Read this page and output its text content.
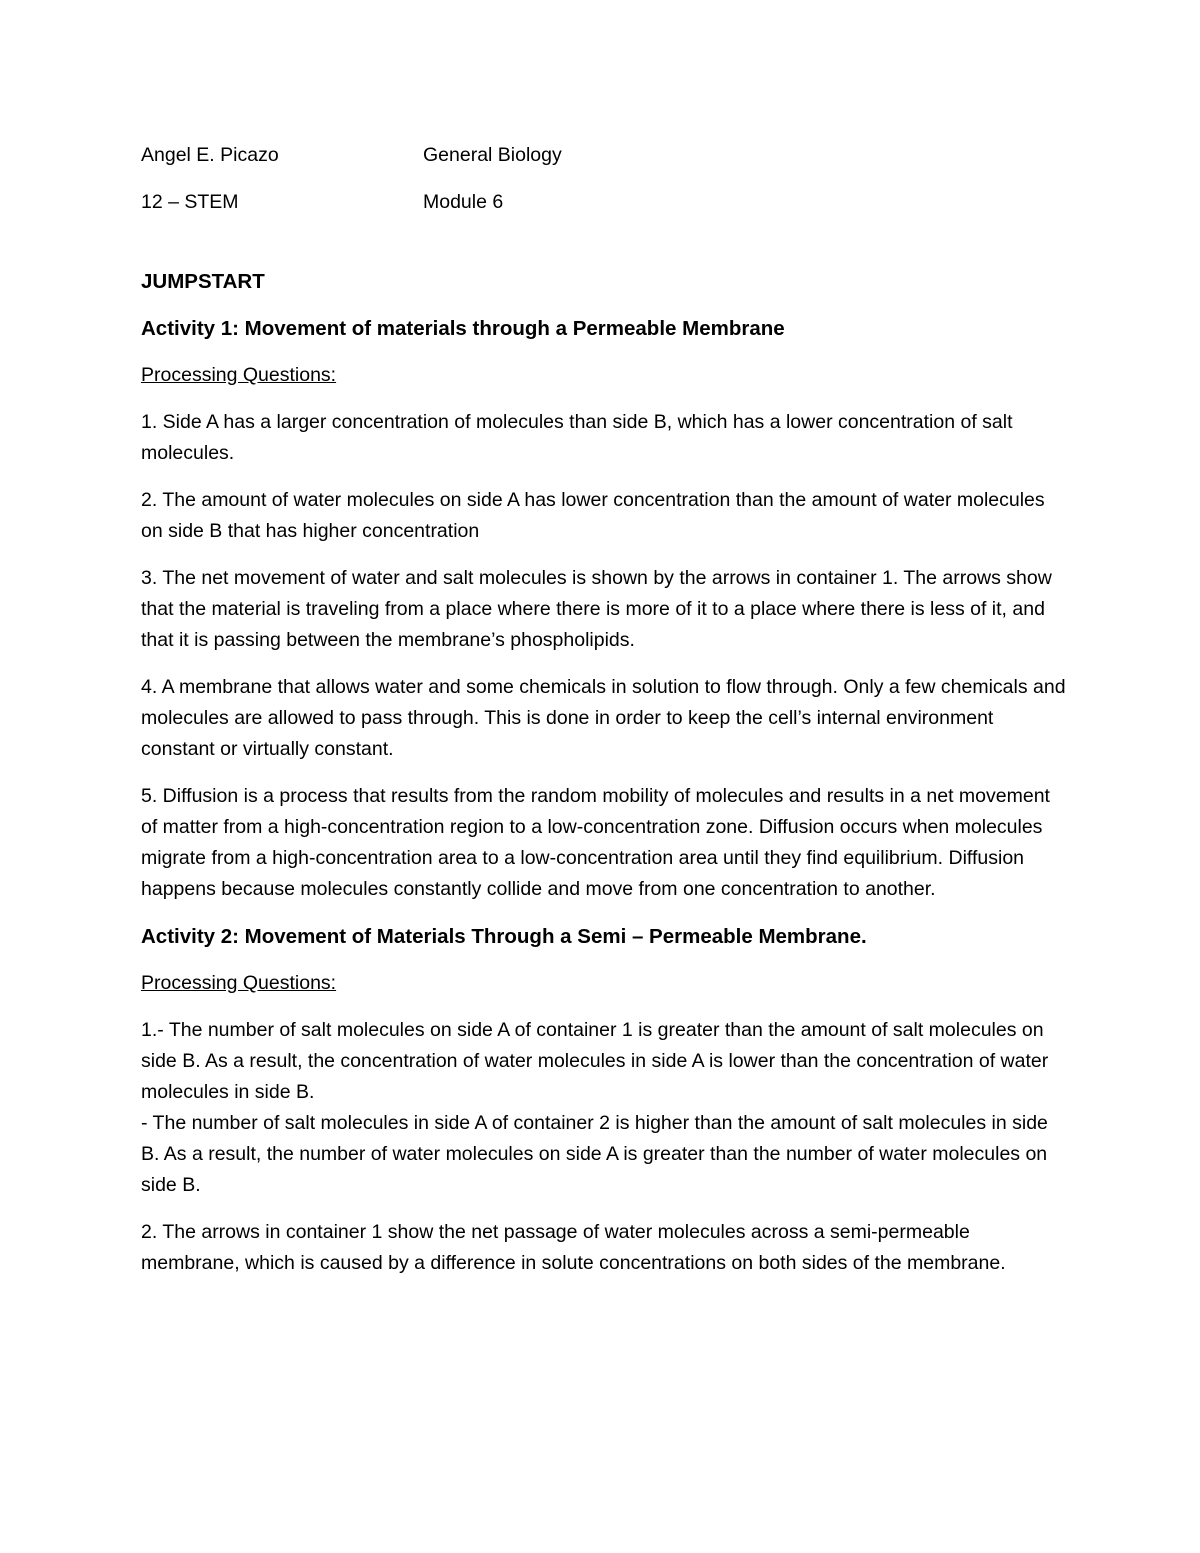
Angel E. Picazo	General Biology
12 – STEM	Module 6
JUMPSTART
Activity 1: Movement of materials through a Permeable Membrane
Processing Questions:

1. Side A has a larger concentration of molecules than side B, which has a lower concentration of salt molecules.

2. The amount of water molecules on side A has lower concentration than the amount of water molecules on side B that has higher concentration

3. The net movement of water and salt molecules is shown by the arrows in container 1. The arrows show that the material is traveling from a place where there is more of it to a place where there is less of it, and that it is passing between the membrane’s phospholipids.

4. A membrane that allows water and some chemicals in solution to flow through. Only a few chemicals and molecules are allowed to pass through. This is done in order to keep the cell’s internal environment constant or virtually constant.

5. Diffusion is a process that results from the random mobility of molecules and results in a net movement of matter from a high-concentration region to a low-concentration zone. Diffusion occurs when molecules migrate from a high-concentration area to a low-concentration area until they find equilibrium. Diffusion happens because molecules constantly collide and move from one concentration to another.

Activity 2: Movement of Materials Through a Semi – Permeable Membrane.
Processing Questions:

1.- The number of salt molecules on side A of container 1 is greater than the amount of salt molecules on side B. As a result, the concentration of water molecules in side A is lower than the concentration of water molecules in side B.

- The number of salt molecules in side A of container 2 is higher than the amount of salt molecules in side B. As a result, the number of water molecules on side A is greater than the number of water molecules on side B.

2. The arrows in container 1 show the net passage of water molecules across a semi-permeable membrane, which is caused by a difference in solute concentrations on both sides of the membrane.
